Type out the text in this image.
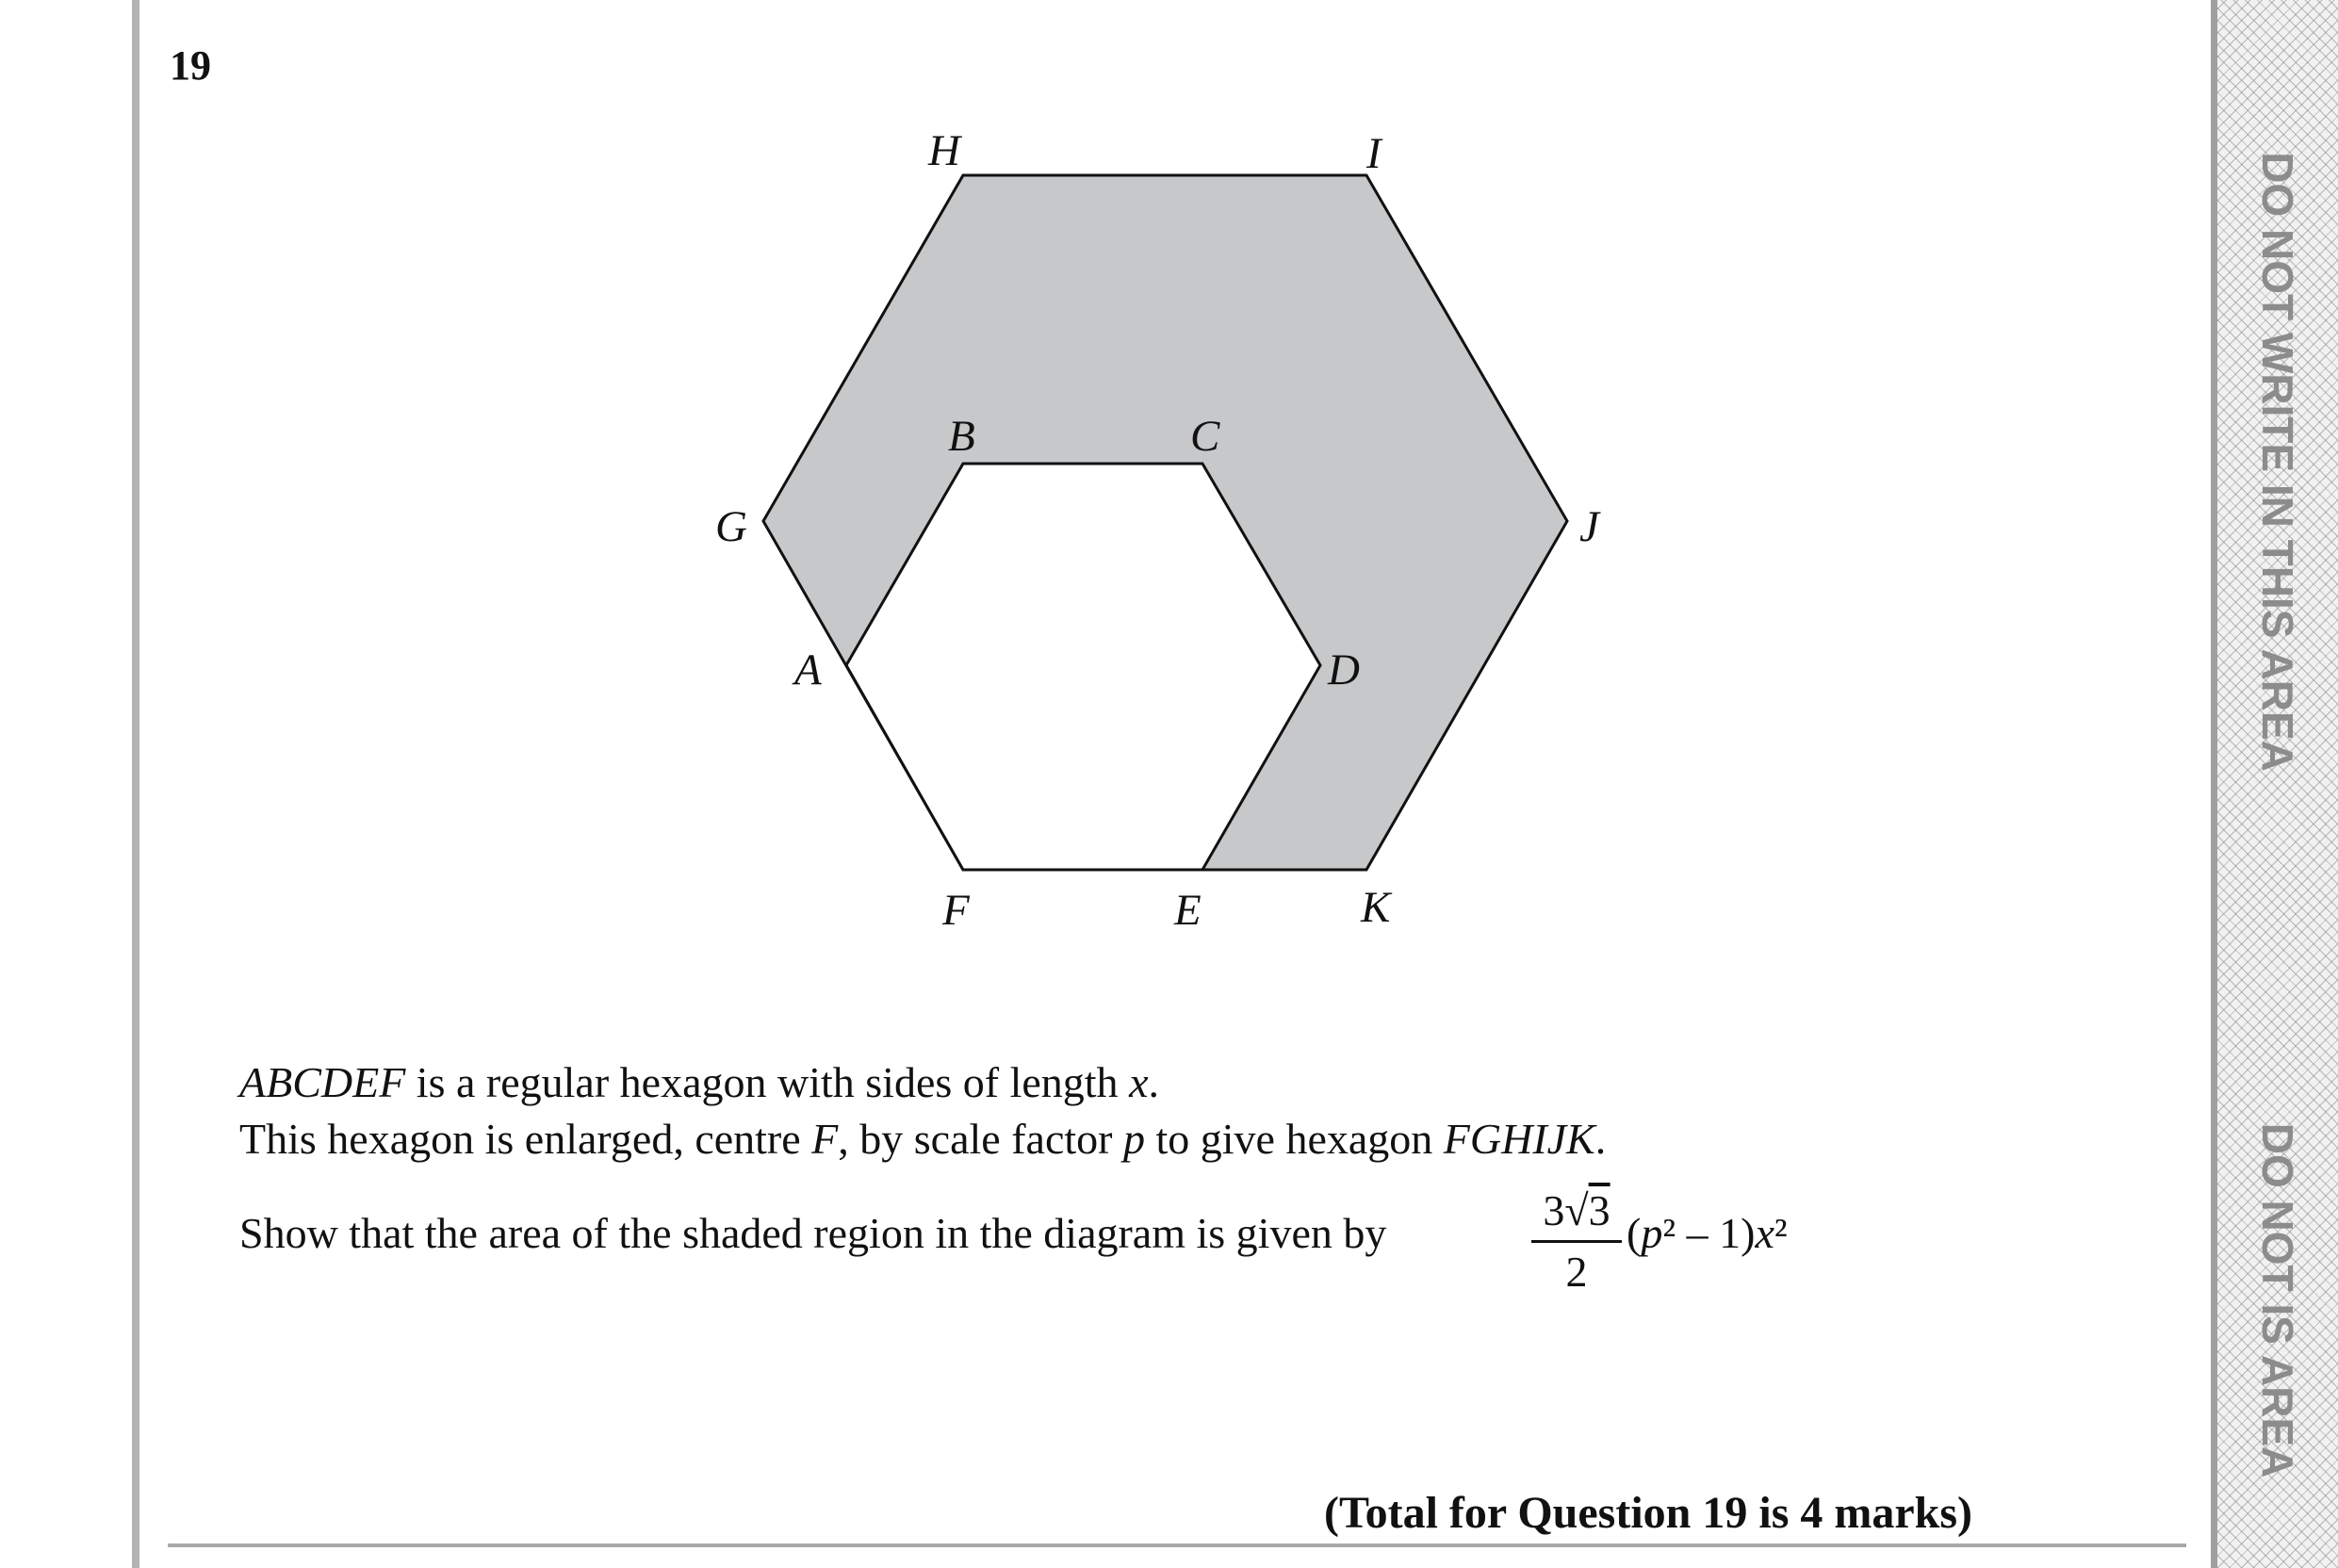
DO NOT WRITE IN THIS AREA
DO NOT IS AREA
19
H	I
B	C
G	J
A	D
F	E	K
ABCDEF is a regular hexagon with sides of length x.
This hexagon is enlarged, centre F, by scale factor p to give hexagon FGHIJK.
Show that the area of the shaded region in the diagram is given by	3√3
2
(p² – 1)x²
(Total for Question 19 is 4 marks)
